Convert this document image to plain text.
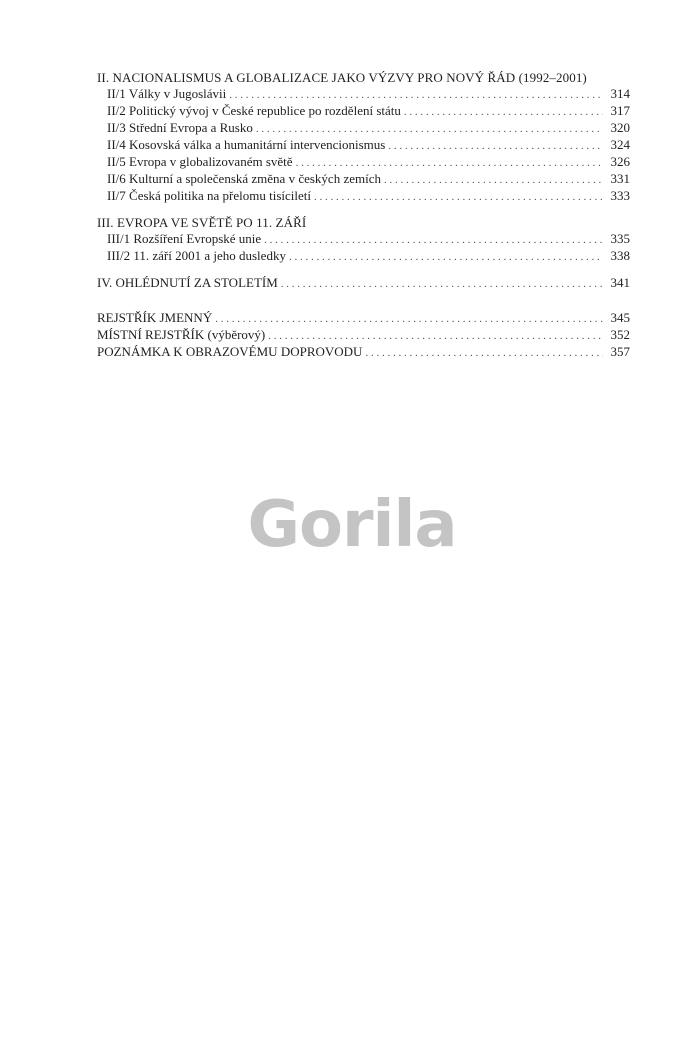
II. NACIONALISMUS A GLOBALIZACE JAKO VÝZVY PRO NOVÝ ŘÁD (1992–2001)
II/1 Války v Jugoslávii . . .	314
II/2 Politický vývoj v České republice po rozdělení státu . . .	317
II/3 Střední Evropa a Rusko . . .	320
II/4 Kosovská válka a humanitární intervencionismus . . .	324
II/5 Evropa v globalizovaném světě . . .	326
II/6 Kulturní a společenská změna v českých zemích . . .	331
II/7 Česká politika na přelomu tisíciletí . . .	333
III. EVROPA VE SVĚTĚ PO 11. ZÁŘÍ
III/1 Rozšíření Evropské unie . . .	335
III/2 11. září 2001 a jeho dusledky . . .	338
IV. OHLÉDNUTÍ ZA STOLETÍM . . .	341
REJSTŘÍK JMENNÝ . . .	345
MÍSTNÍ REJSTŘÍK (výběrový) . . .	352
POZNÁMKA K OBRAZOVÉMU DOPROVODU . . .	357
Gorila
